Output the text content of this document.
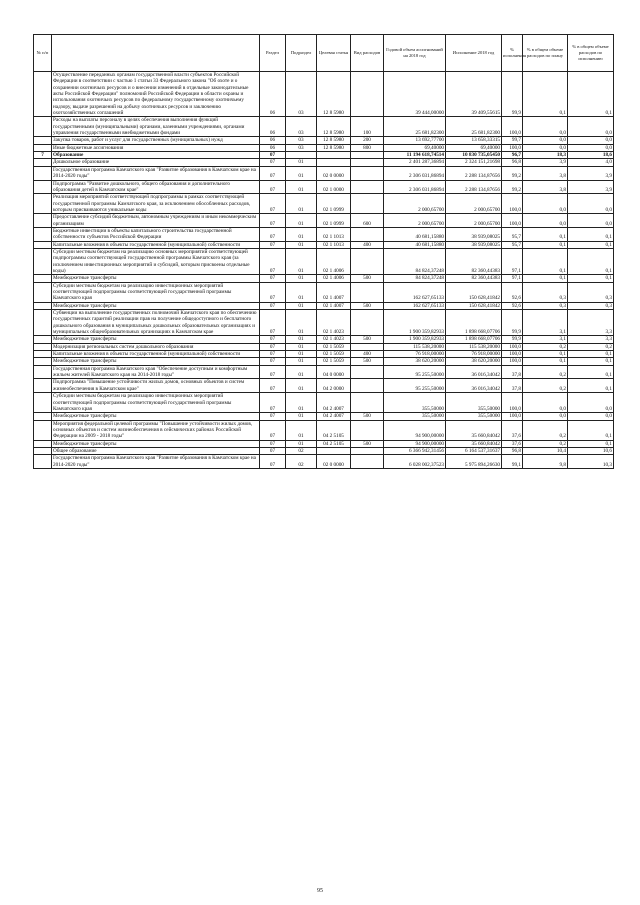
№ п/п		Раздел	Подраздел	Целевая статья	Вид расходов	Годовой объем ассигнований на 2018 год	Исполнение 2018 год	% исполнения	% в общем объеме расходов по плану	% в общем объеме расходов по исполнению
	Осуществление переданных органам государственной власти субъектов Российской Федерации в соответствии с частью 1 статьи 33 Федерального закона "Об охоте и о сохранении охотничьих ресурсов и о внесении изменений в отдельные законодательные акты Российской Федерации" полномочий Российской Федерации в области охраны и использования охотничьих ресурсов по федеральному государственному охотничьему надзору, выдаче разрешений на добычу охотничьих ресурсов и заключению охотхозяйственных соглашений	06	03	12 8 5980		39 444,00000	39 409,55615	99,9	0,1	0,1
	Расходы на выплаты персоналу в целях обеспечения выполнения функций государственными (муниципальными) органами, казенными учреждениями, органами управления государственными внебюджетными фондами	06	03	12 8 5980	100	25 681,82300	25 681,82300	100,0	0,0	0,0
	Закупка товаров, работ и услуг для государственных (муниципальных) нужд	06	03	12 8 5980	200	13 692,77700	13 658,33315	99,7	0,0	0,0
	Иные бюджетные ассигнования	06	03	12 8 5980	800	69,40000	69,40000	100,0	0,0	0,0
7	Образование	07				11 194 618,74514	10 830 735,05450	96,7	18,3	18,6
	Дошкольное образование	07	01			2 401 287,36894	2 324 151,21698	96,8	3,9	4,0
	Государственная программа Камчатского края "Развитие образования в Камчатском крае на 2014-2020 годы"	07	01	02 0 0000		2 306 031,86894	2 288 134,87656	99,2	3,8	3,9
	Подпрограмма "Развитие дошкольного, общего образования и дополнительного образования детей в Камчатском крае"	07	01	02 1 0000		2 306 031,86894	2 288 134,87656	99,2	3,8	3,9
	Реализация мероприятий соответствующей подпрограммы в рамках соответствующей государственной программы Камчатского края, за исключением обособленных расходов, которым присваиваются уникальные коды	07	01	02 1 0999		2 000,65700	2 000,65700	100,0	0,0	0,0
	Предоставление субсидий бюджетным, автономным учреждениям и иным некоммерческим организациям	07	01	02 1 0999	600	2 000,65700	2 000,65700	100,0	0,0	0,0
	Бюджетные инвестиции в объекты капитального строительства государственной собственности субъектов Российской Федерации	07	01	02 1 1013		40 681,15880	38 939,08025	95,7	0,1	0,1
	Капитальные вложения в объекты государственной (муниципальной) собственности	07	01	02 1 1013	400	40 681,15880	38 939,08025	95,7	0,1	0,1
	Субсидии местным бюджетам на реализацию основных мероприятий соответствующей подпрограммы соответствующей государственной программы Камчатского края (за исключением инвестиционных мероприятий и субсидий, которым присвоены отдельные коды)	07	01	02 1 4006		84 824,37248	82 360,44383	97,1	0,1	0,1
	Межбюджетные трансферты	07	01	02 1 4006	500	84 824,37248	82 360,44383	97,1	0,1	0,1
	Субсидии местным бюджетам на реализацию инвестиционных мероприятий соответствующей подпрограммы соответствующей государственной программы Камчатского края	07	01	02 1 4007		162 627,65133	150 628,41842	92,6	0,3	0,3
	Межбюджетные трансферты	07	01	02 1 4007	500	162 627,65133	150 628,41842	92,6	0,3	0,3
	Субвенции на выполнение государственных полномочий Камчатского края по обеспечению государственных гарантий реализации прав на получение общедоступного и бесплатного дошкольного образования в муниципальных дошкольных образовательных организациях и муниципальных общеобразовательных организациях в Камчатском крае	07	01	02 1 4023		1 900 359,82933	1 898 668,07706	99,9	3,1	3,3
	Межбюджетные трансферты	07	01	02 1 4023	500	1 900 359,82933	1 898 668,07706	99,9	3,1	3,3
	Модернизация региональных систем дошкольного образования	07	01	02 1 5059		115 538,20000	115 538,20000	100,0	0,2	0,2
	Капитальные вложения в объекты государственной (муниципальной) собственности	07	01	02 1 5059	400	76 918,00000	76 918,00000	100,0	0,1	0,1
	Межбюджетные трансферты	07	01	02 1 5059	500	38 620,20000	38 620,20000	100,0	0,1	0,1
	Государственная программа Камчатского края "Обеспечение доступным и комфортным жильем жителей Камчатского края на 2014-2018 годы"	07	01	04 0 0000		95 255,50000	36 016,34042	37,8	0,2	0,1
	Подпрограмма "Повышение устойчивости жилых домов, основных объектов и систем жизнеобеспечения в Камчатском крае"	07	01	04 2 0000		95 255,50000	36 016,34042	37,8	0,2	0,1
	Субсидии местным бюджетам на реализацию инвестиционных мероприятий соответствующей подпрограммы соответствующей государственной программы Камчатского края	07	01	04 2 4007		355,50000	355,50000	100,0	0,0	0,0
	Межбюджетные трансферты	07	01	04 2 4007	500	355,50000	355,50000	100,0	0,0	0,0
	Мероприятия федеральной целевой программы "Повышение устойчивости жилых домов, основных объектов и систем жизнеобеспечения в сейсмических районах Российской Федерации на 2009 - 2018 годы"	07	01	04 2 5105		94 900,00000	35 660,84042	37,6	0,2	0,1
	Межбюджетные трансферты	07	01	04 2 5105	500	94 900,00000	35 660,84042	37,6	0,2	0,1
	Общее образование	07	02			6 366 942,31456	6 164 537,31637	96,8	10,4	10,6
	Государственная программа Камчатского края "Развитие образования в Камчатском крае на 2014-2020 годы"	07	02	02 0 0000		6 028 002,37523	5 975 894,26630	99,1	9,8	10,3
95
